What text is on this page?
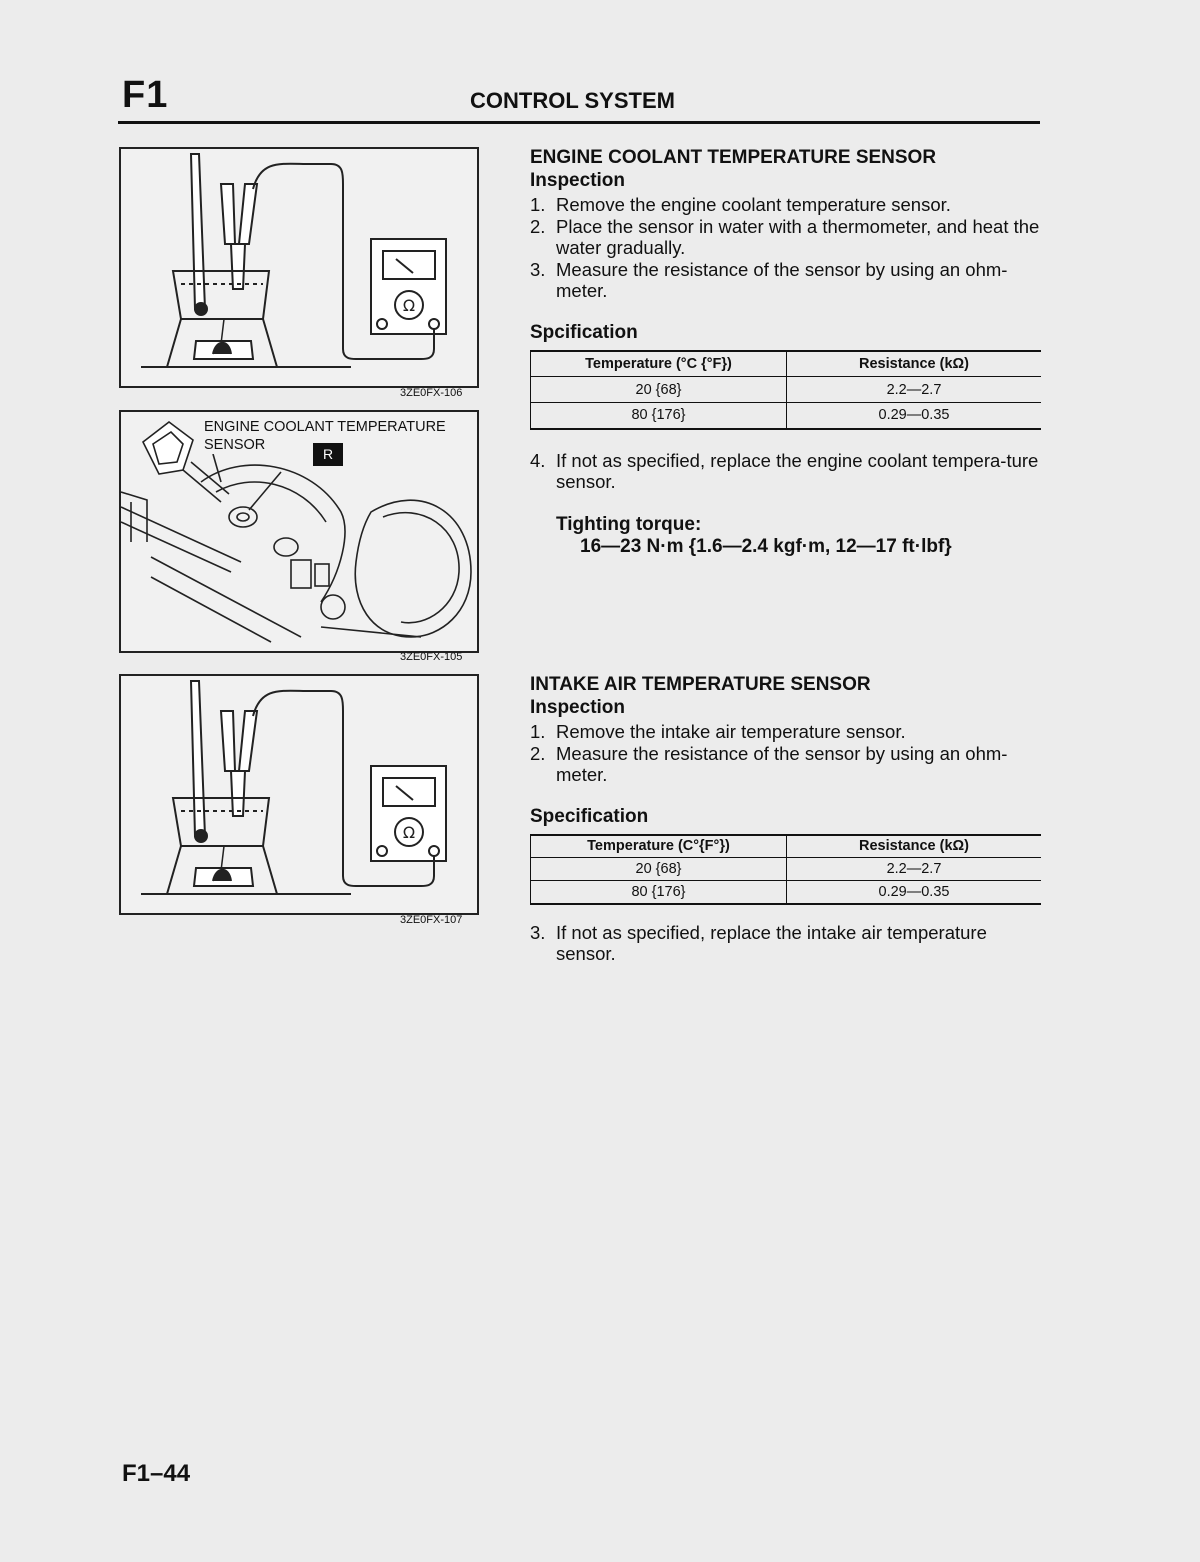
F1	CONTROL SYSTEM
Ω
3ZE0FX-106
ENGINE COOLANT TEMPERATURE
SENSOR
R
3ZE0FX-105
Ω
3ZE0FX-107
ENGINE COOLANT TEMPERATURE SENSOR
Inspection
1. Remove the engine coolant temperature sensor.
2. Place the sensor in water with a thermometer, and heat the water gradually.
3. Measure the resistance of the sensor by using an ohm-meter.
Spcification
Temperature (°C {°F})	Resistance (kΩ)
20 {68}	2.2—2.7
80 {176}	0.29—0.35
4. If not as specified, replace the engine coolant tempera-ture sensor.
Tighting torque:
16—23 N·m {1.6—2.4 kgf·m, 12—17 ft·lbf}
INTAKE AIR TEMPERATURE SENSOR
Inspection
1. Remove the intake air temperature sensor.
2. Measure the resistance of the sensor by using an ohm-meter.
Specification
Temperature (C°{F°})	Resistance (kΩ)
20 {68}	2.2—2.7
80 {176}	0.29—0.35
3. If not as specified, replace the intake air temperature sensor.
F1–44
